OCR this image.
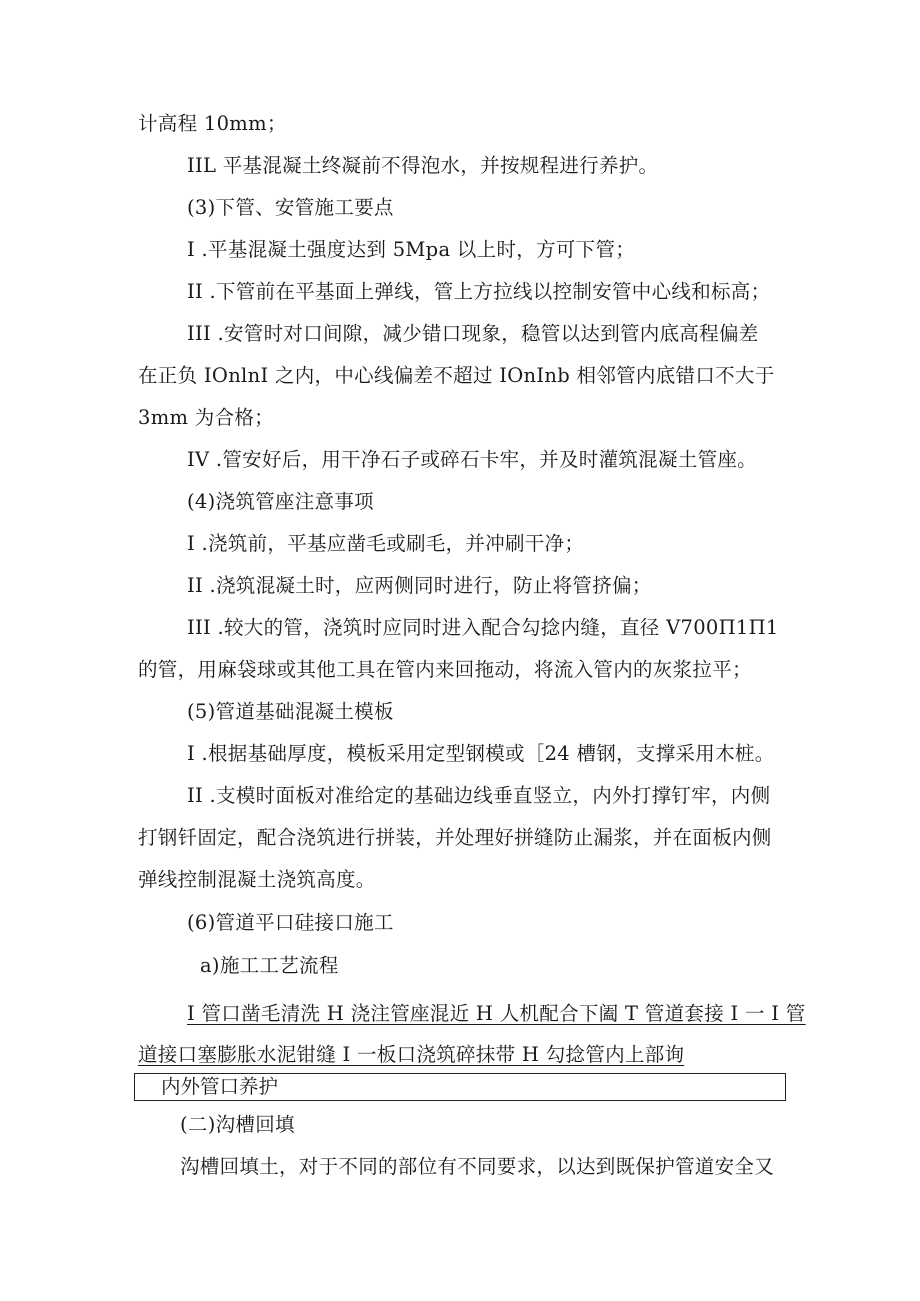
计高程 10mm；
IIL 平基混凝土终凝前不得泡水，并按规程进行养护。
(3)下管、安管施工要点
I .平基混凝土强度达到 5Mpa 以上时，方可下管；
II .下管前在平基面上弹线，管上方拉线以控制安管中心线和标高；
III .安管时对口间隙，减少错口现象，稳管以达到管内底高程偏差
在正负 IOnlnI 之内，中心线偏差不超过 IOnInb 相邻管内底错口不大于
3mm 为合格；
IV .管安好后，用干净石子或碎石卡牢，并及时灌筑混凝土管座。
(4)浇筑管座注意事项
I .浇筑前，平基应凿毛或刷毛，并冲刷干净；
II .浇筑混凝土时，应两侧同时进行，防止将管挤偏；
III .较大的管，浇筑时应同时进入配合勾捻内缝，直径 V700Π1Π1
的管，用麻袋球或其他工具在管内来回拖动，将流入管内的灰浆拉平；
(5)管道基础混凝土模板
I .根据基础厚度，模板采用定型钢模或［24 槽钢，支撑采用木桩。
II .支模时面板对准给定的基础边线垂直竖立，内外打撑钉牢，内侧
打钢钎固定，配合浇筑进行拼装，并处理好拼缝防止漏浆，并在面板内侧
弹线控制混凝土浇筑高度。
(6)管道平口硅接口施工
a)施工工艺流程
I 管口凿毛清洗 H 浇注管座混近 H 人机配合下阖 T 管道套接 I 一 I 管
道接口塞膨胀水泥钳缝 I 一板口浇筑碎抹带 H 勾捻管内上部询
内外管口养护
(二)沟槽回填
沟槽回填土，对于不同的部位有不同要求，以达到既保护管道安全又
